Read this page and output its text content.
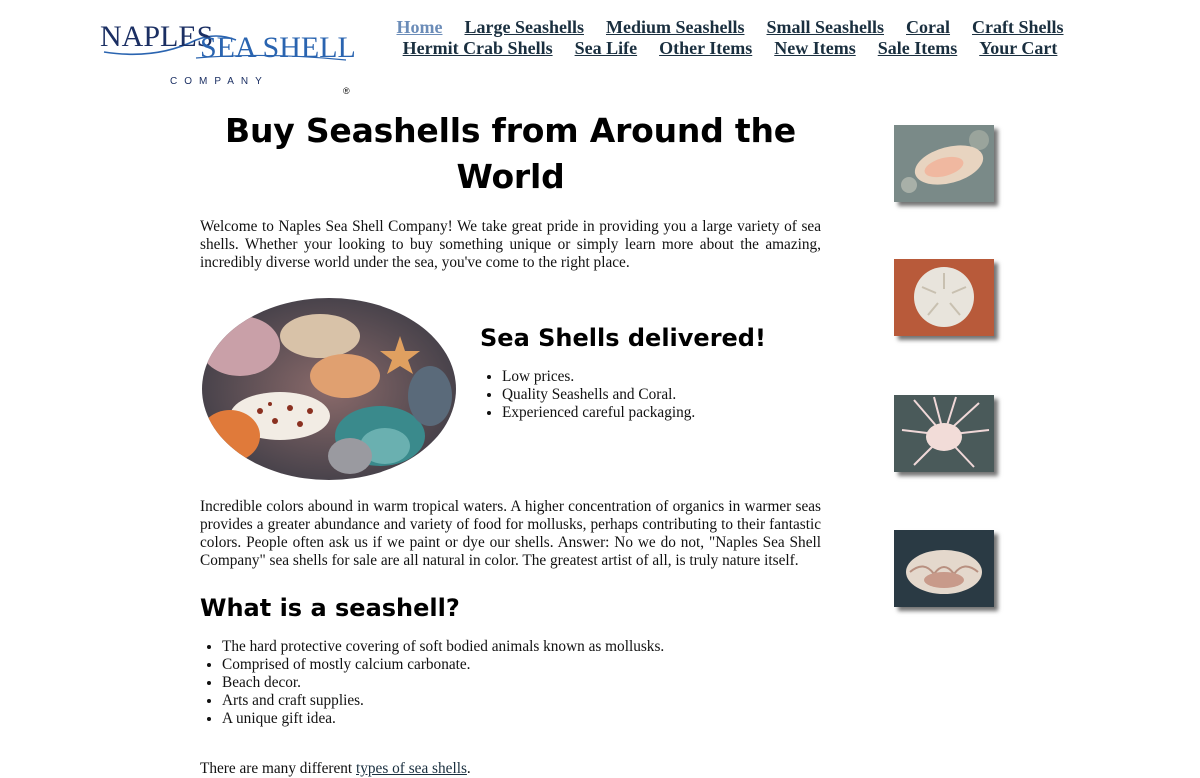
NAPLES
SEA SHELL
COMPANY
®
Home Large Seashells Medium Seashells Small Seashells Coral Craft Shells
Hermit Crab Shells Sea Life Other Items New Items Sale Items Your Cart
Buy Seashells from Around the World

Welcome to Naples Sea Shell Company! We take great pride in providing you a large variety of sea shells. Whether your looking to buy something unique or simply learn more about the amazing, incredibly diverse world under the sea, you've come to the right place.

Sea Shells delivered!
• Low prices.
• Quality Seashells and Coral.
• Experienced careful packaging.

Incredible colors abound in warm tropical waters. A higher concentration of organics in warmer seas provides a greater abundance and variety of food for mollusks, perhaps contributing to their fantastic colors. People often ask us if we paint or dye our shells. Answer: No we do not, "Naples Sea Shell Company" sea shells for sale are all natural in color. The greatest artist of all, is truly nature itself.

What is a seashell?
• The hard protective covering of soft bodied animals known as mollusks.
• Comprised of mostly calcium carbonate.
• Beach decor.
• Arts and craft supplies.
• A unique gift idea.

There are many different types of sea shells.
